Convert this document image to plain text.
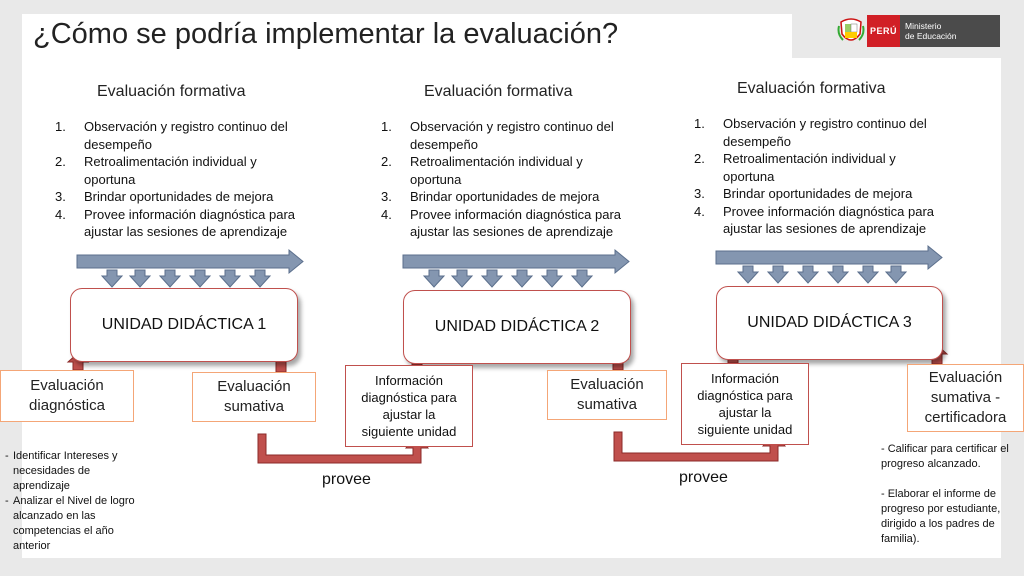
¿Cómo se podría implementar la evaluación?	PERÚ Ministerio
de Educación
Evaluación formativa	Evaluación formativa	Evaluación formativa
1. Observación y registro continuo del
desempeño
2. Retroalimentación individual y
oportuna
3. Brindar oportunidades de mejora
4. Provee información diagnóstica para
ajustar las sesiones de aprendizaje
1. Observación y registro continuo del
desempeño
2. Retroalimentación individual y
oportuna
3. Brindar oportunidades de mejora
4. Provee información diagnóstica para
ajustar las sesiones de aprendizaje
1. Observación y registro continuo del
desempeño
2. Retroalimentación individual y
oportuna
3. Brindar oportunidades de mejora
4. Provee información diagnóstica para
ajustar las sesiones de aprendizaje
UNIDAD DIDÁCTICA 1	UNIDAD DIDÁCTICA 2	UNIDAD DIDÁCTICA 3
Evaluación
diagnóstica
Evaluación
sumativa
Información
diagnóstica para
ajustar la
siguiente unidad
Evaluación
sumativa
Información
diagnóstica para
ajustar la
siguiente unidad
Evaluación
sumativa -
certificadora
provee	provee
- Identificar Intereses y
necesidades de
aprendizaje
- Analizar el Nivel de logro
alcanzado en las
competencias el año
anterior
- Calificar para certificar el
progreso alcanzado.
- Elaborar el informe de
progreso por estudiante,
dirigido a los padres de
familia).
